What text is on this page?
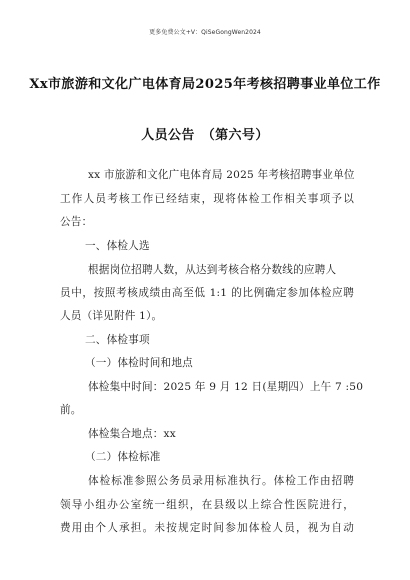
更多免费公文+V：QiSeGongWen2024
Xx市旅游和文化广电体育局2025年考核招聘事业单位工作
人员公告　（第六号）
xx 市旅游和文化广电体育局 2025 年考核招聘事业单位
工作人员考核工作已经结束，现将体检工作相关事项予以
公告：
一、体检人选
根据岗位招聘人数，从达到考核合格分数线的应聘人
员中，按照考核成绩由高至低 1:1 的比例确定参加体检应聘
人员（详见附件 1）。
二、体检事项
（一）体检时间和地点
体检集中时间：2025 年 9 月 12 日(星期四）上午 7 :50
前。
体检集合地点：xx
（二）体检标准
体检标准参照公务员录用标准执行。体检工作由招聘
领导小组办公室统一组织，在县级以上综合性医院进行，
费用由个人承担。未按规定时间参加体检人员，视为自动
